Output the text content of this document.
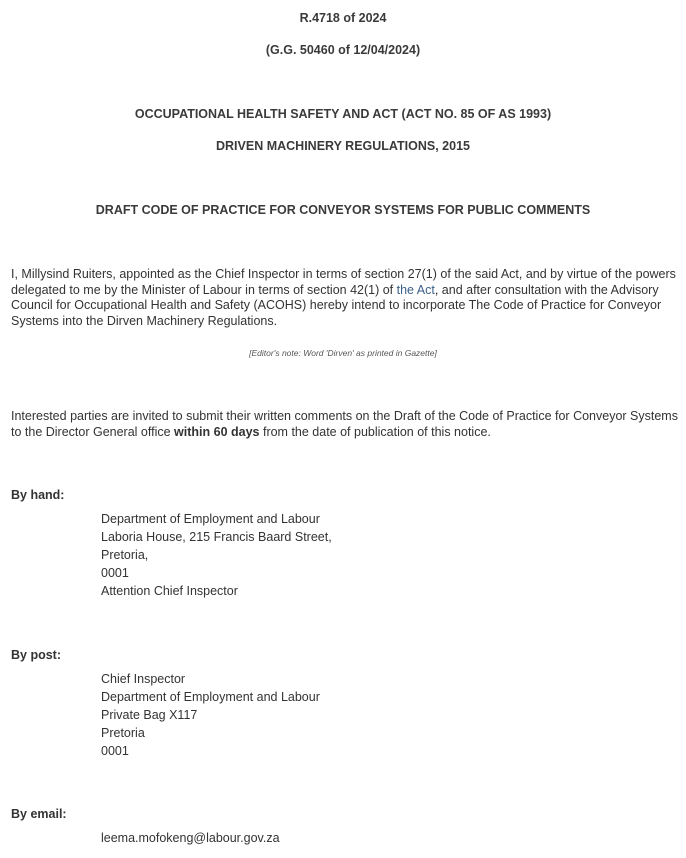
R.4718 of 2024
(G.G. 50460 of 12/04/2024)
OCCUPATIONAL HEALTH SAFETY AND ACT (ACT NO. 85 OF AS 1993)
DRIVEN MACHINERY REGULATIONS, 2015
DRAFT CODE OF PRACTICE FOR CONVEYOR SYSTEMS FOR PUBLIC COMMENTS
I, Millysind Ruiters, appointed as the Chief Inspector in terms of section 27(1) of the said Act, and by virtue of the powers delegated to me by the Minister of Labour in terms of section 42(1) of the Act, and after consultation with the Advisory Council for Occupational Health and Safety (ACOHS) hereby intend to incorporate The Code of Practice for Conveyor Systems into the Dirven Machinery Regulations.
[Editor's note: Word 'Dirven' as printed in Gazette]
Interested parties are invited to submit their written comments on the Draft of the Code of Practice for Conveyor Systems to the Director General office within 60 days from the date of publication of this notice.
By hand:
Department of Employment and Labour
Laboria House, 215 Francis Baard Street,
Pretoria,
0001
Attention Chief Inspector
By post:
Chief Inspector
Department of Employment and Labour
Private Bag X117
Pretoria
0001
By email:
leema.mofokeng@labour.gov.za
